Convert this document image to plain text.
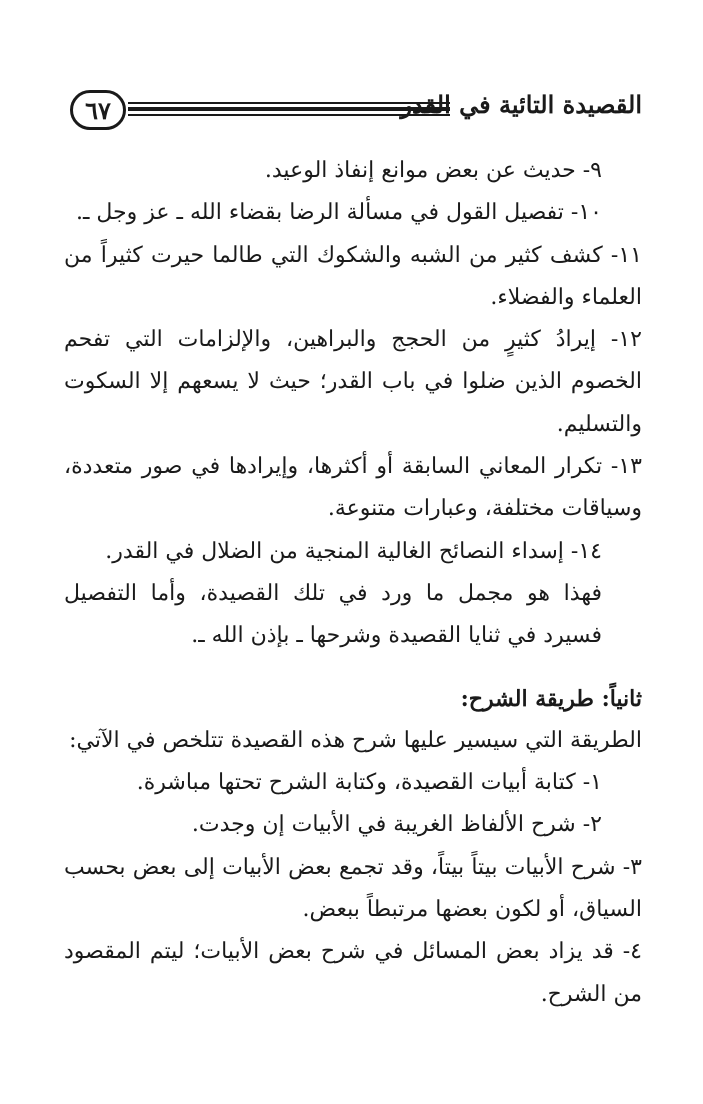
٦٧	القصيدة التائية في القدر

٩- حديث عن بعض موانع إنفاذ الوعيد.

١٠- تفصيل القول في مسألة الرضا بقضاء الله ـ عز وجل ـ.

١١- كشف كثير من الشبه والشكوك التي طالما حيرت كثيراً من العلماء والفضلاء.

١٢- إيرادُ كثيرٍ من الحجج والبراهين، والإلزامات التي تفحم الخصوم الذين ضلوا في باب القدر؛ حيث لا يسعهم إلا السكوت والتسليم.

١٣- تكرار المعاني السابقة أو أكثرها، وإيرادها في صور متعددة، وسياقات مختلفة، وعبارات متنوعة.

١٤- إسداء النصائح الغالية المنجية من الضلال في القدر.

فهذا هو مجمل ما ورد في تلك القصيدة، وأما التفصيل فسيرد في ثنايا القصيدة وشرحها ـ بإذن الله ـ.

ثانياً: طريقة الشرح:

الطريقة التي سيسير عليها شرح هذه القصيدة تتلخص في الآتي:

١- كتابة أبيات القصيدة، وكتابة الشرح تحتها مباشرة.

٢- شرح الألفاظ الغريبة في الأبيات إن وجدت.

٣- شرح الأبيات بيتاً بيتاً، وقد تجمع بعض الأبيات إلى بعض بحسب السياق، أو لكون بعضها مرتبطاً ببعض.

٤- قد يزاد بعض المسائل في شرح بعض الأبيات؛ ليتم المقصود من الشرح.
